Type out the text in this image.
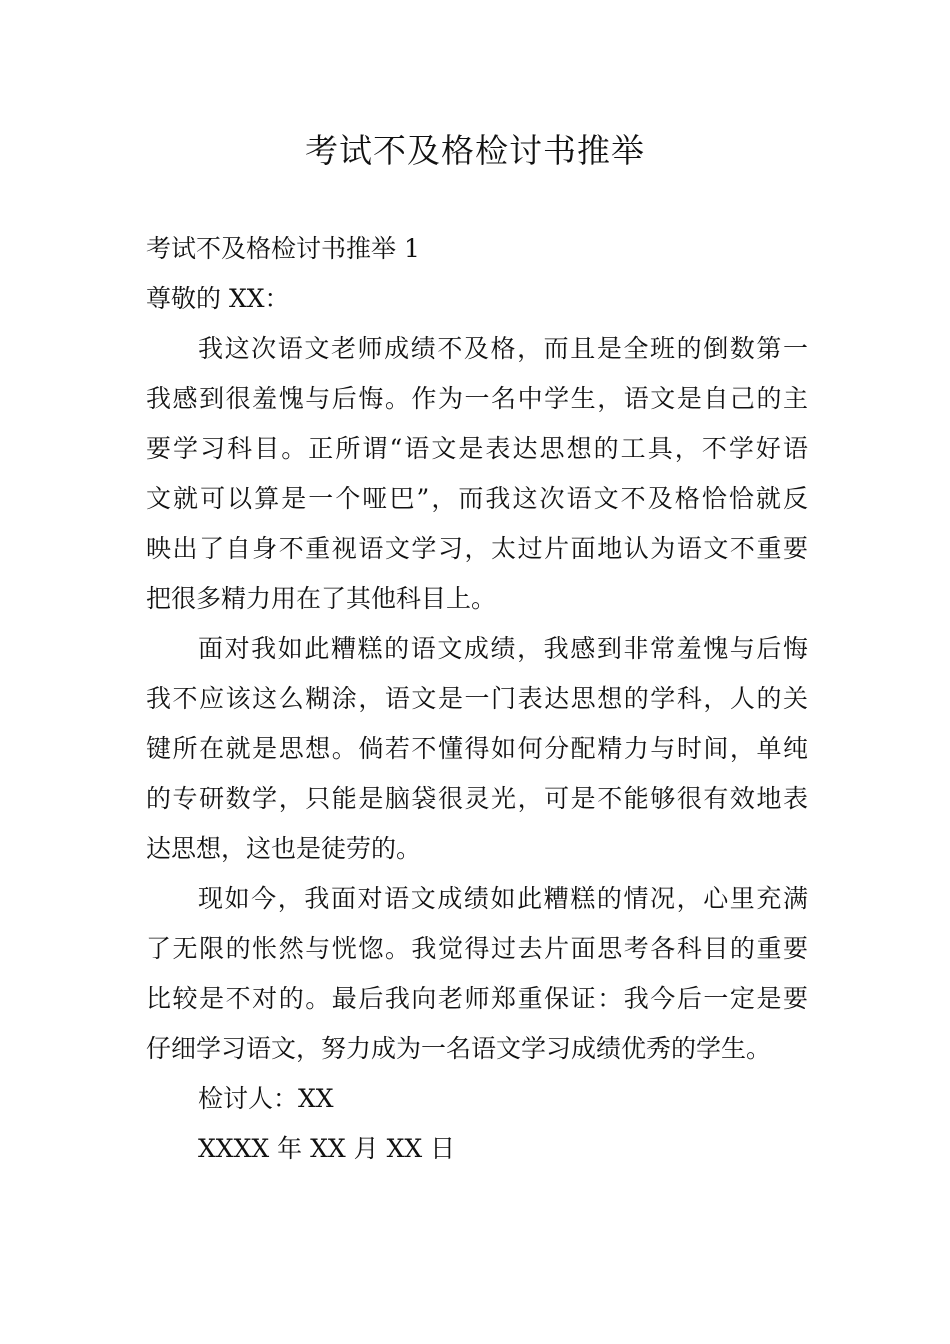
考试不及格检讨书推举
考试不及格检讨书推举 1
尊敬的 XX：
我这次语文老师成绩不及格，而且是全班的倒数第一
我感到很羞愧与后悔。作为一名中学生，语文是自己的主
要学习科目。正所谓“语文是表达思想的工具，不学好语
文就可以算是一个哑巴”，而我这次语文不及格恰恰就反
映出了自身不重视语文学习，太过片面地认为语文不重要
把很多精力用在了其他科目上。
面对我如此糟糕的语文成绩，我感到非常羞愧与后悔
我不应该这么糊涂，语文是一门表达思想的学科，人的关
键所在就是思想。倘若不懂得如何分配精力与时间，单纯
的专研数学，只能是脑袋很灵光，可是不能够很有效地表
达思想，这也是徒劳的。
现如今，我面对语文成绩如此糟糕的情况，心里充满
了无限的怅然与恍惚。我觉得过去片面思考各科目的重要
比较是不对的。最后我向老师郑重保证：我今后一定是要
仔细学习语文，努力成为一名语文学习成绩优秀的学生。
检讨人：XX
XXXX 年 XX 月 XX 日
